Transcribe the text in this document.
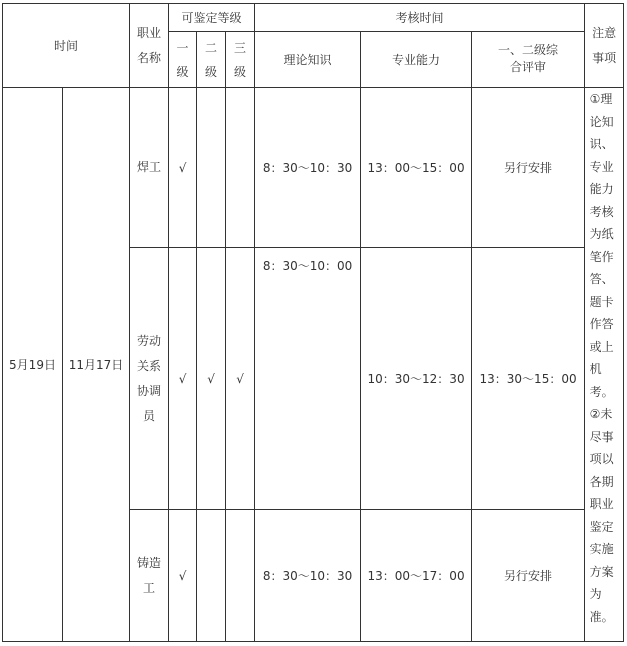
时间		职业名称	可鉴定等级			考核时间			注意事项
			一级	二级	三级	理论知识	专业能力	一、二级综合评审	
5月19日	11月17日	焊工	√			8：30～10：30	13：00～15：00	另行安排	①理论知识、专业能力考核为纸笔作答、题卡作答或上机考。②未尽事项以各期职业鉴定实施方案为准。

		劳动关系协调员	√	√	√	8：30～10：00	10：30～12：30	13：30～15：00	
		铸造工	√			8：30～10：30	13：00～17：00	另行安排	
